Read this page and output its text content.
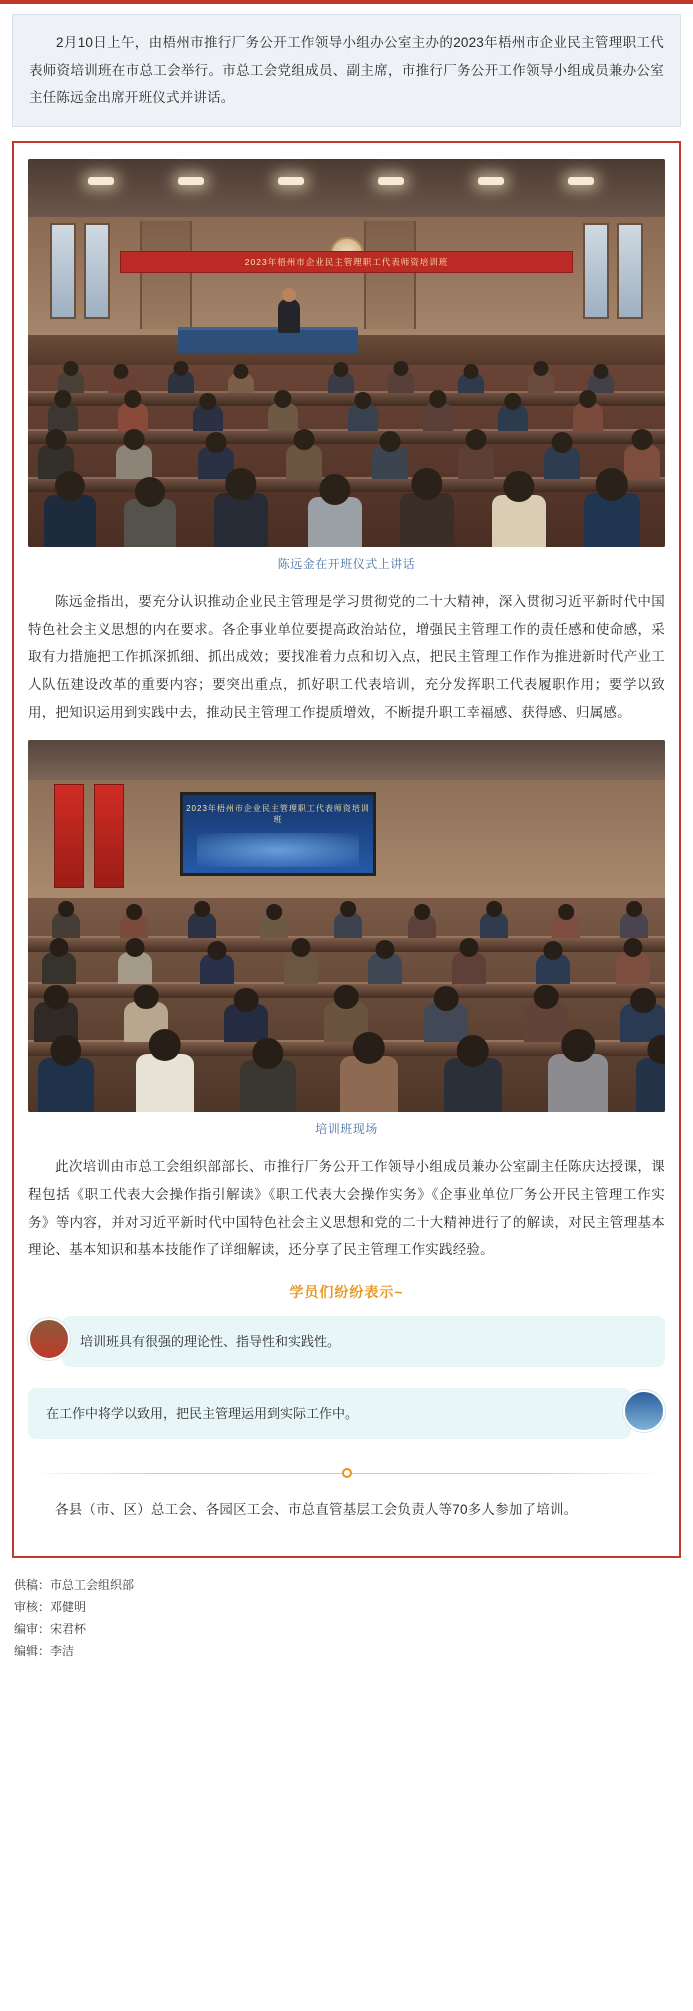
2月10日上午，由梧州市推行厂务公开工作领导小组办公室主办的2023年梧州市企业民主管理职工代表师资培训班在市总工会举行。市总工会党组成员、副主席，市推行厂务公开工作领导小组成员兼办公室主任陈远金出席开班仪式并讲话。
2023年梧州市企业民主管理职工代表师资培训班
陈远金在开班仪式上讲话

陈远金指出，要充分认识推动企业民主管理是学习贯彻党的二十大精神，深入贯彻习近平新时代中国特色社会主义思想的内在要求。各企事业单位要提高政治站位，增强民主管理工作的责任感和使命感，采取有力措施把工作抓深抓细、抓出成效；要找准着力点和切入点，把民主管理工作作为推进新时代产业工人队伍建设改革的重要内容；要突出重点，抓好职工代表培训，充分发挥职工代表履职作用；要学以致用，把知识运用到实践中去，推动民主管理工作提质增效，不断提升职工幸福感、获得感、归属感。

2023年梧州市企业民主管理职工代表师资培训班
培训班现场

此次培训由市总工会组织部部长、市推行厂务公开工作领导小组成员兼办公室副主任陈庆达授课，课程包括《职工代表大会操作指引解读》《职工代表大会操作实务》《企事业单位厂务公开民主管理工作实务》等内容，并对习近平新时代中国特色社会主义思想和党的二十大精神进行了的解读，对民主管理基本理论、基本知识和基本技能作了详细解读，还分享了民主管理工作实践经验。

学员们纷纷表示~
培训班具有很强的理论性、指导性和实践性。
在工作中将学以致用，把民主管理运用到实际工作中。

各县（市、区）总工会、各园区工会、市总直管基层工会负责人等70多人参加了培训。

供稿：市总工会组织部
审核：邓健明
编审：宋君杯
编辑：李洁
